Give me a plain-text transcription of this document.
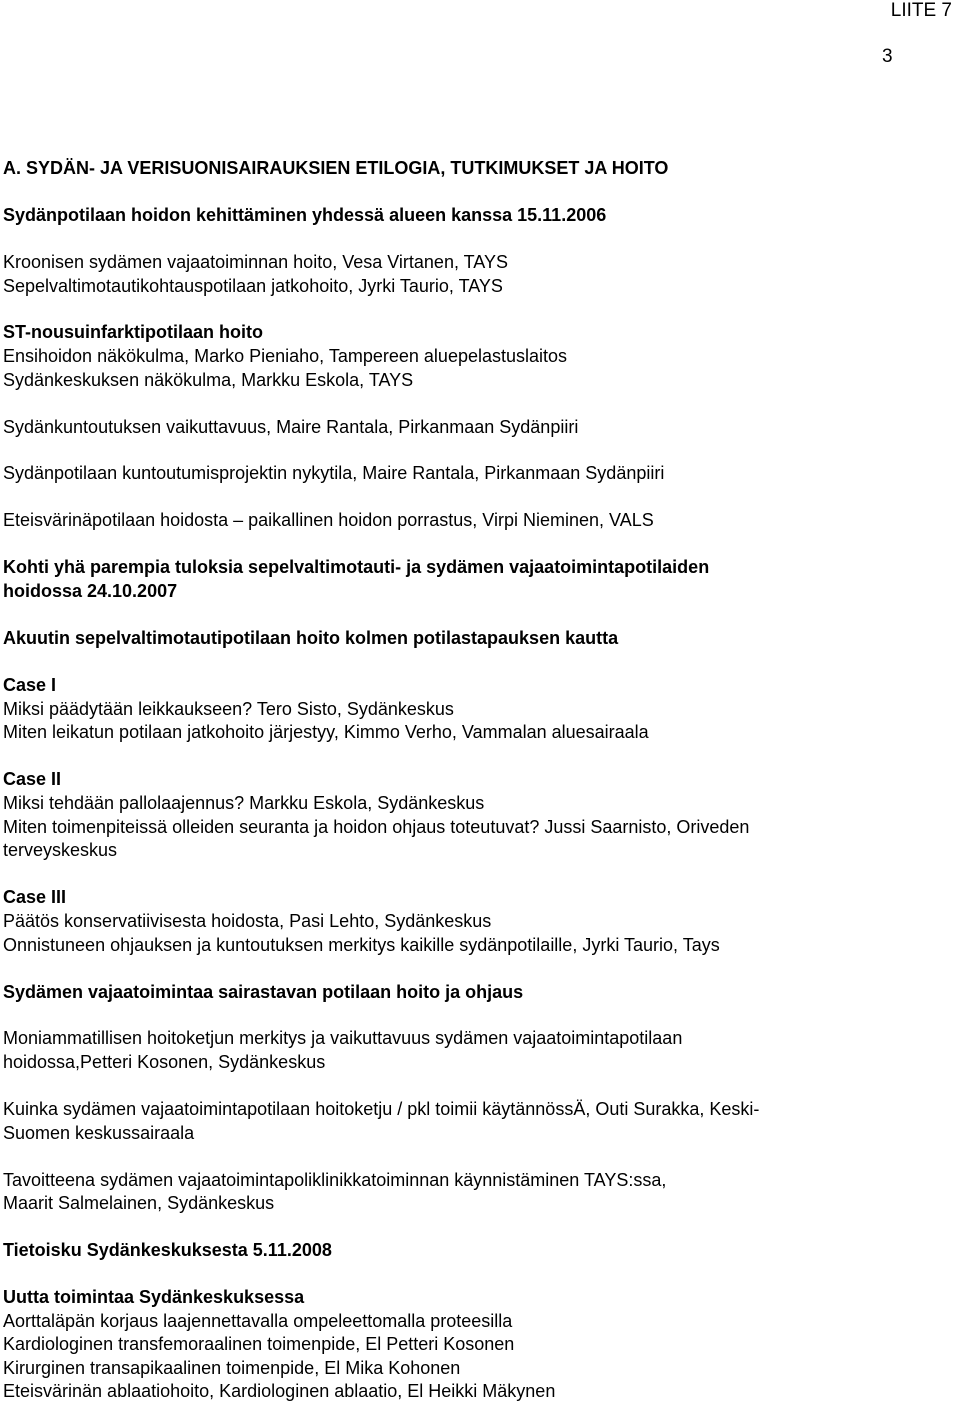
LIITE 7
3
A. SYDÄN- JA VERISUONISAIRAUKSIEN ETILOGIA, TUTKIMUKSET JA HOITO
Sydänpotilaan hoidon kehittäminen yhdessä alueen kanssa 15.11.2006
Kroonisen sydämen vajaatoiminnan hoito, Vesa Virtanen, TAYS
Sepelvaltimotautikohtauspotilaan jatkohoito, Jyrki Taurio, TAYS
ST-nousuinfarktipotilaan hoito
Ensihoidon näkökulma, Marko Pieniaho, Tampereen aluepelastuslaitos
Sydänkeskuksen näkökulma, Markku Eskola, TAYS
Sydänkuntoutuksen vaikuttavuus, Maire Rantala, Pirkanmaan Sydänpiiri
Sydänpotilaan kuntoutumisprojektin nykytila, Maire Rantala, Pirkanmaan Sydänpiiri
Eteisvärinäpotilaan hoidosta – paikallinen hoidon porrastus, Virpi Nieminen, VALS
Kohti yhä parempia tuloksia sepelvaltimotauti- ja sydämen vajaatoimintapotilaiden
hoidossa 24.10.2007
Akuutin sepelvaltimotautipotilaan hoito kolmen potilastapauksen kautta
Case I
Miksi päädytään leikkaukseen? Tero Sisto, Sydänkeskus
Miten leikatun potilaan jatkohoito järjestyy, Kimmo Verho, Vammalan aluesairaala
Case II
Miksi tehdään pallolaajennus? Markku Eskola, Sydänkeskus
Miten toimenpiteissä olleiden seuranta ja hoidon ohjaus toteutuvat? Jussi Saarnisto, Oriveden
terveyskeskus
Case III
Päätös konservatiivisesta hoidosta, Pasi Lehto, Sydänkeskus
Onnistuneen ohjauksen ja kuntoutuksen merkitys kaikille sydänpotilaille, Jyrki Taurio, Tays
Sydämen vajaatoimintaa sairastavan potilaan hoito ja ohjaus
Moniammatillisen hoitoketjun merkitys ja vaikuttavuus sydämen vajaatoimintapotilaan
hoidossa,Petteri Kosonen, Sydänkeskus
Kuinka sydämen vajaatoimintapotilaan hoitoketju / pkl toimii käytännössÄ, Outi Surakka, Keski-
Suomen keskussairaala
Tavoitteena sydämen vajaatoimintapoliklinikkatoiminnan käynnistäminen TAYS:ssa,
Maarit Salmelainen, Sydänkeskus
Tietoisku Sydänkeskuksesta 5.11.2008
Uutta toimintaa Sydänkeskuksessa
Aorttaläpän korjaus laajennettavalla ompeleettomalla proteesilla
Kardiologinen transfemoraalinen toimenpide, El Petteri Kosonen
Kirurginen transapikaalinen toimenpide, El Mika Kohonen
Eteisvärinän ablaatiohoito, Kardiologinen ablaatio, El Heikki Mäkynen
